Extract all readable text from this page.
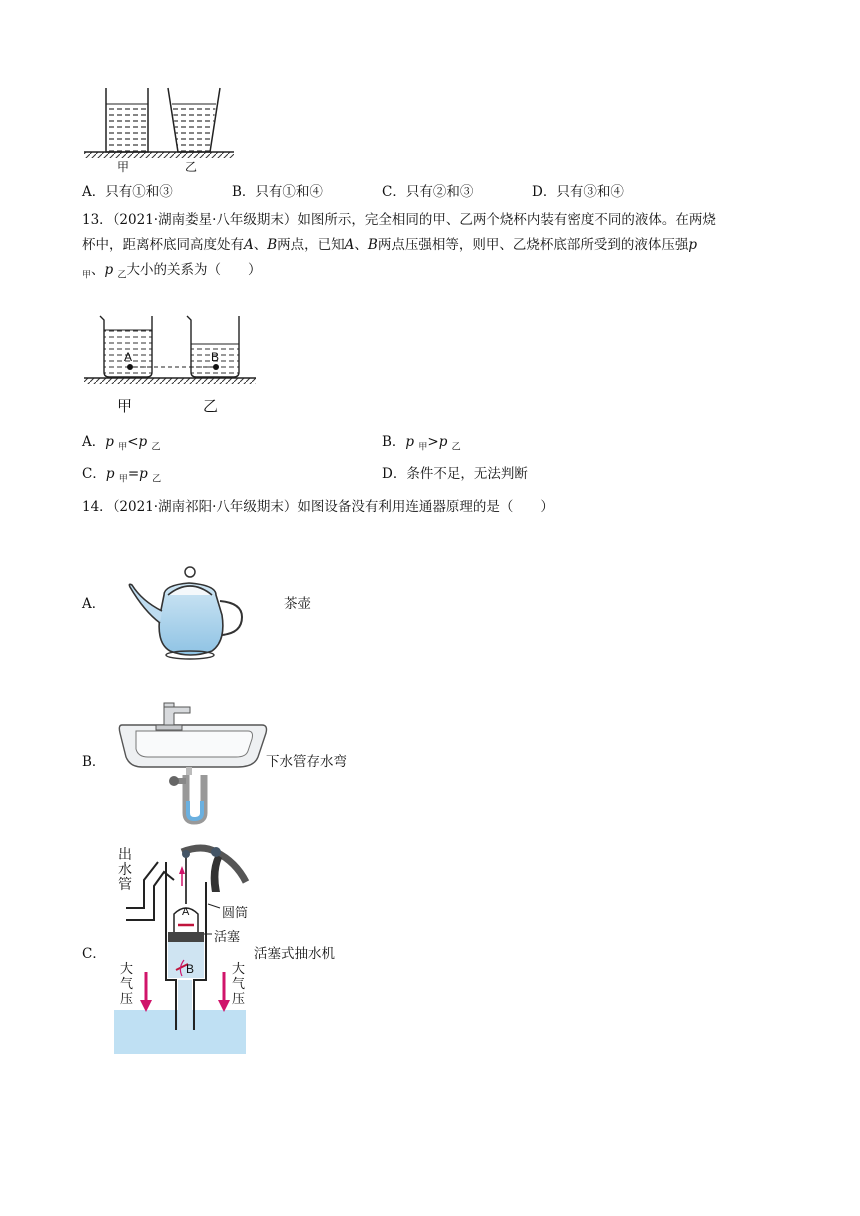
甲	乙
A．只有①和③	B．只有①和④	C．只有②和③	D．只有③和④
13．（2021·湖南娄星·八年级期末）如图所示，完全相同的甲、乙两个烧杯内装有密度不同的液体。在两烧
杯中，距离杯底同高度处有A、B两点，已知A、B两点压强相等，则甲、乙烧杯底部所受到的液体压强p
$_甲$、p $_乙$大小的关系为（　　）
A	B
甲	乙
A．p $_甲$<p $_乙$	B．p $_甲$>p $_乙$
C．p $_甲$=p $_乙$	D．条件不足，无法判断
14．（2021·湖南祁阳·八年级期末）如图设备没有利用连通器原理的是（　　）
A．	茶壶
B．	下水管存水弯
C．
出
水
管
圆筒
活塞
A
B
大
气
压
大
气
压
活塞式抽水机
